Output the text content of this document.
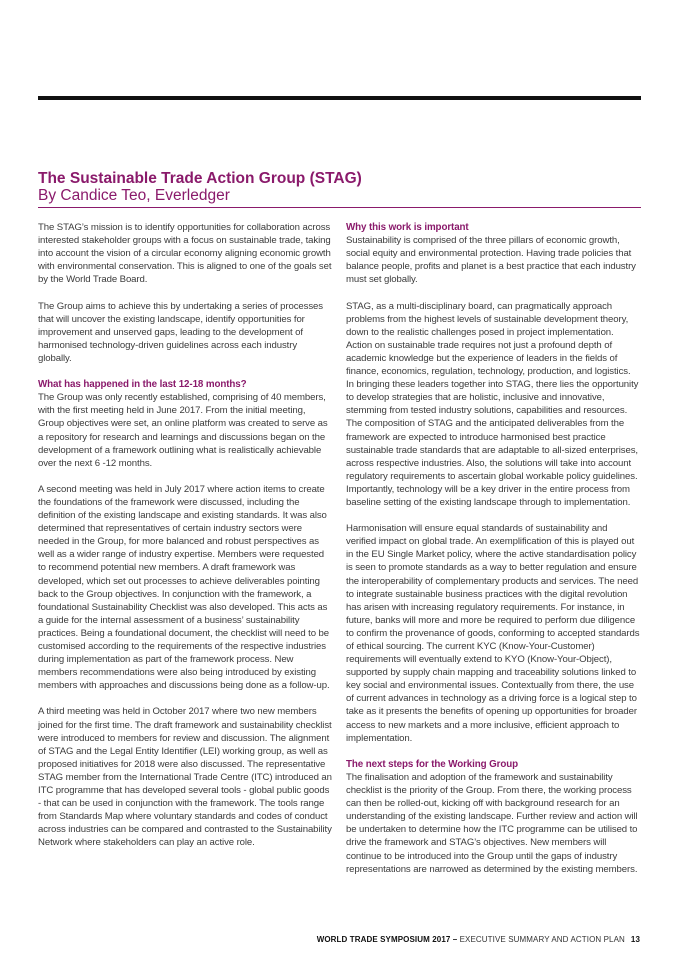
The Sustainable Trade Action Group (STAG)
By Candice Teo, Everledger

The STAG’s mission is to identify opportunities for collaboration across interested stakeholder groups with a focus on sustainable trade, taking into account the vision of a circular economy aligning economic growth with environmental conservation. This is aligned to one of the goals set by the World Trade Board.

The Group aims to achieve this by undertaking a series of processes that will uncover the existing landscape, identify opportunities for improvement and unserved gaps, leading to the development of harmonised technology-driven guidelines across each industry globally.

What has happened in the last 12-18 months?

The Group was only recently established, comprising of 40 members, with the first meeting held in June 2017. From the initial meeting, Group objectives were set, an online platform was created to serve as a repository for research and learnings and discussions began on the development of a framework outlining what is realistically achievable over the next 6 -12 months.

A second meeting was held in July 2017 where action items to create the foundations of the framework were discussed, including the definition of the existing landscape and existing standards. It was also determined that representatives of certain industry sectors were needed in the Group, for more balanced and robust perspectives as well as a wider range of industry expertise. Members were requested to recommend potential new members. A draft framework was developed, which set out processes to achieve deliverables pointing back to the Group objectives. In conjunction with the framework, a foundational Sustainability Checklist was also developed. This acts as a guide for the internal assessment of a business’ sustainability practices. Being a foundational document, the checklist will need to be customised according to the requirements of the respective industries during implementation as part of the framework process. New members recommendations were also being introduced by existing members with approaches and discussions being done as a follow-up.

A third meeting was held in October 2017 where two new members joined for the first time. The draft framework and sustainability checklist were introduced to members for review and discussion. The alignment of STAG and the Legal Entity Identifier (LEI) working group, as well as proposed initiatives for 2018 were also discussed. The representative STAG member from the International Trade Centre (ITC) introduced an ITC programme that has developed several tools - global public goods - that can be used in conjunction with the framework. The tools range from Standards Map where voluntary standards and codes of conduct across industries can be compared and contrasted to the Sustainability Network where stakeholders can play an active role.

Why this work is important

Sustainability is comprised of the three pillars of economic growth, social equity and environmental protection. Having trade policies that balance people, profits and planet is a best practice that each industry must set globally.

STAG, as a multi-disciplinary board, can pragmatically approach problems from the highest levels of sustainable development theory, down to the realistic challenges posed in project implementation. Action on sustainable trade requires not just a profound depth of academic knowledge but the experience of leaders in the fields of finance, economics, regulation, technology, production, and logistics. In bringing these leaders together into STAG, there lies the opportunity to develop strategies that are holistic, inclusive and innovative, stemming from tested industry solutions, capabilities and resources. The composition of STAG and the anticipated deliverables from the framework are expected to introduce harmonised best practice sustainable trade standards that are adaptable to all-sized enterprises, across respective industries. Also, the solutions will take into account regulatory requirements to ascertain global workable policy guidelines. Importantly, technology will be a key driver in the entire process from baseline setting of the existing landscape through to implementation.

Harmonisation will ensure equal standards of sustainability and verified impact on global trade. An exemplification of this is played out in the EU Single Market policy, where the active standardisation policy is seen to promote standards as a way to better regulation and ensure the interoperability of complementary products and services. The need to integrate sustainable business practices with the digital revolution has arisen with increasing regulatory requirements. For instance, in future, banks will more and more be required to perform due diligence to confirm the provenance of goods, conforming to accepted standards of ethical sourcing. The current KYC (Know-Your-Customer) requirements will eventually extend to KYO (Know-Your-Object), supported by supply chain mapping and traceability solutions linked to key social and environmental issues. Contextually from there, the use of current advances in technology as a driving force is a logical step to take as it presents the benefits of opening up opportunities for broader access to new markets and a more inclusive, efficient approach to implementation.

The next steps for the Working Group

The finalisation and adoption of the framework and sustainability checklist is the priority of the Group. From there, the working process can then be rolled-out, kicking off with background research for an understanding of the existing landscape. Further review and action will be undertaken to determine how the ITC programme can be utilised to drive the framework and STAG’s objectives. New members will continue to be introduced into the Group until the gaps of industry representations are narrowed as determined by the existing members.

WORLD TRADE SYMPOSIUM 2017 – EXECUTIVE SUMMARY AND ACTION PLAN 13
